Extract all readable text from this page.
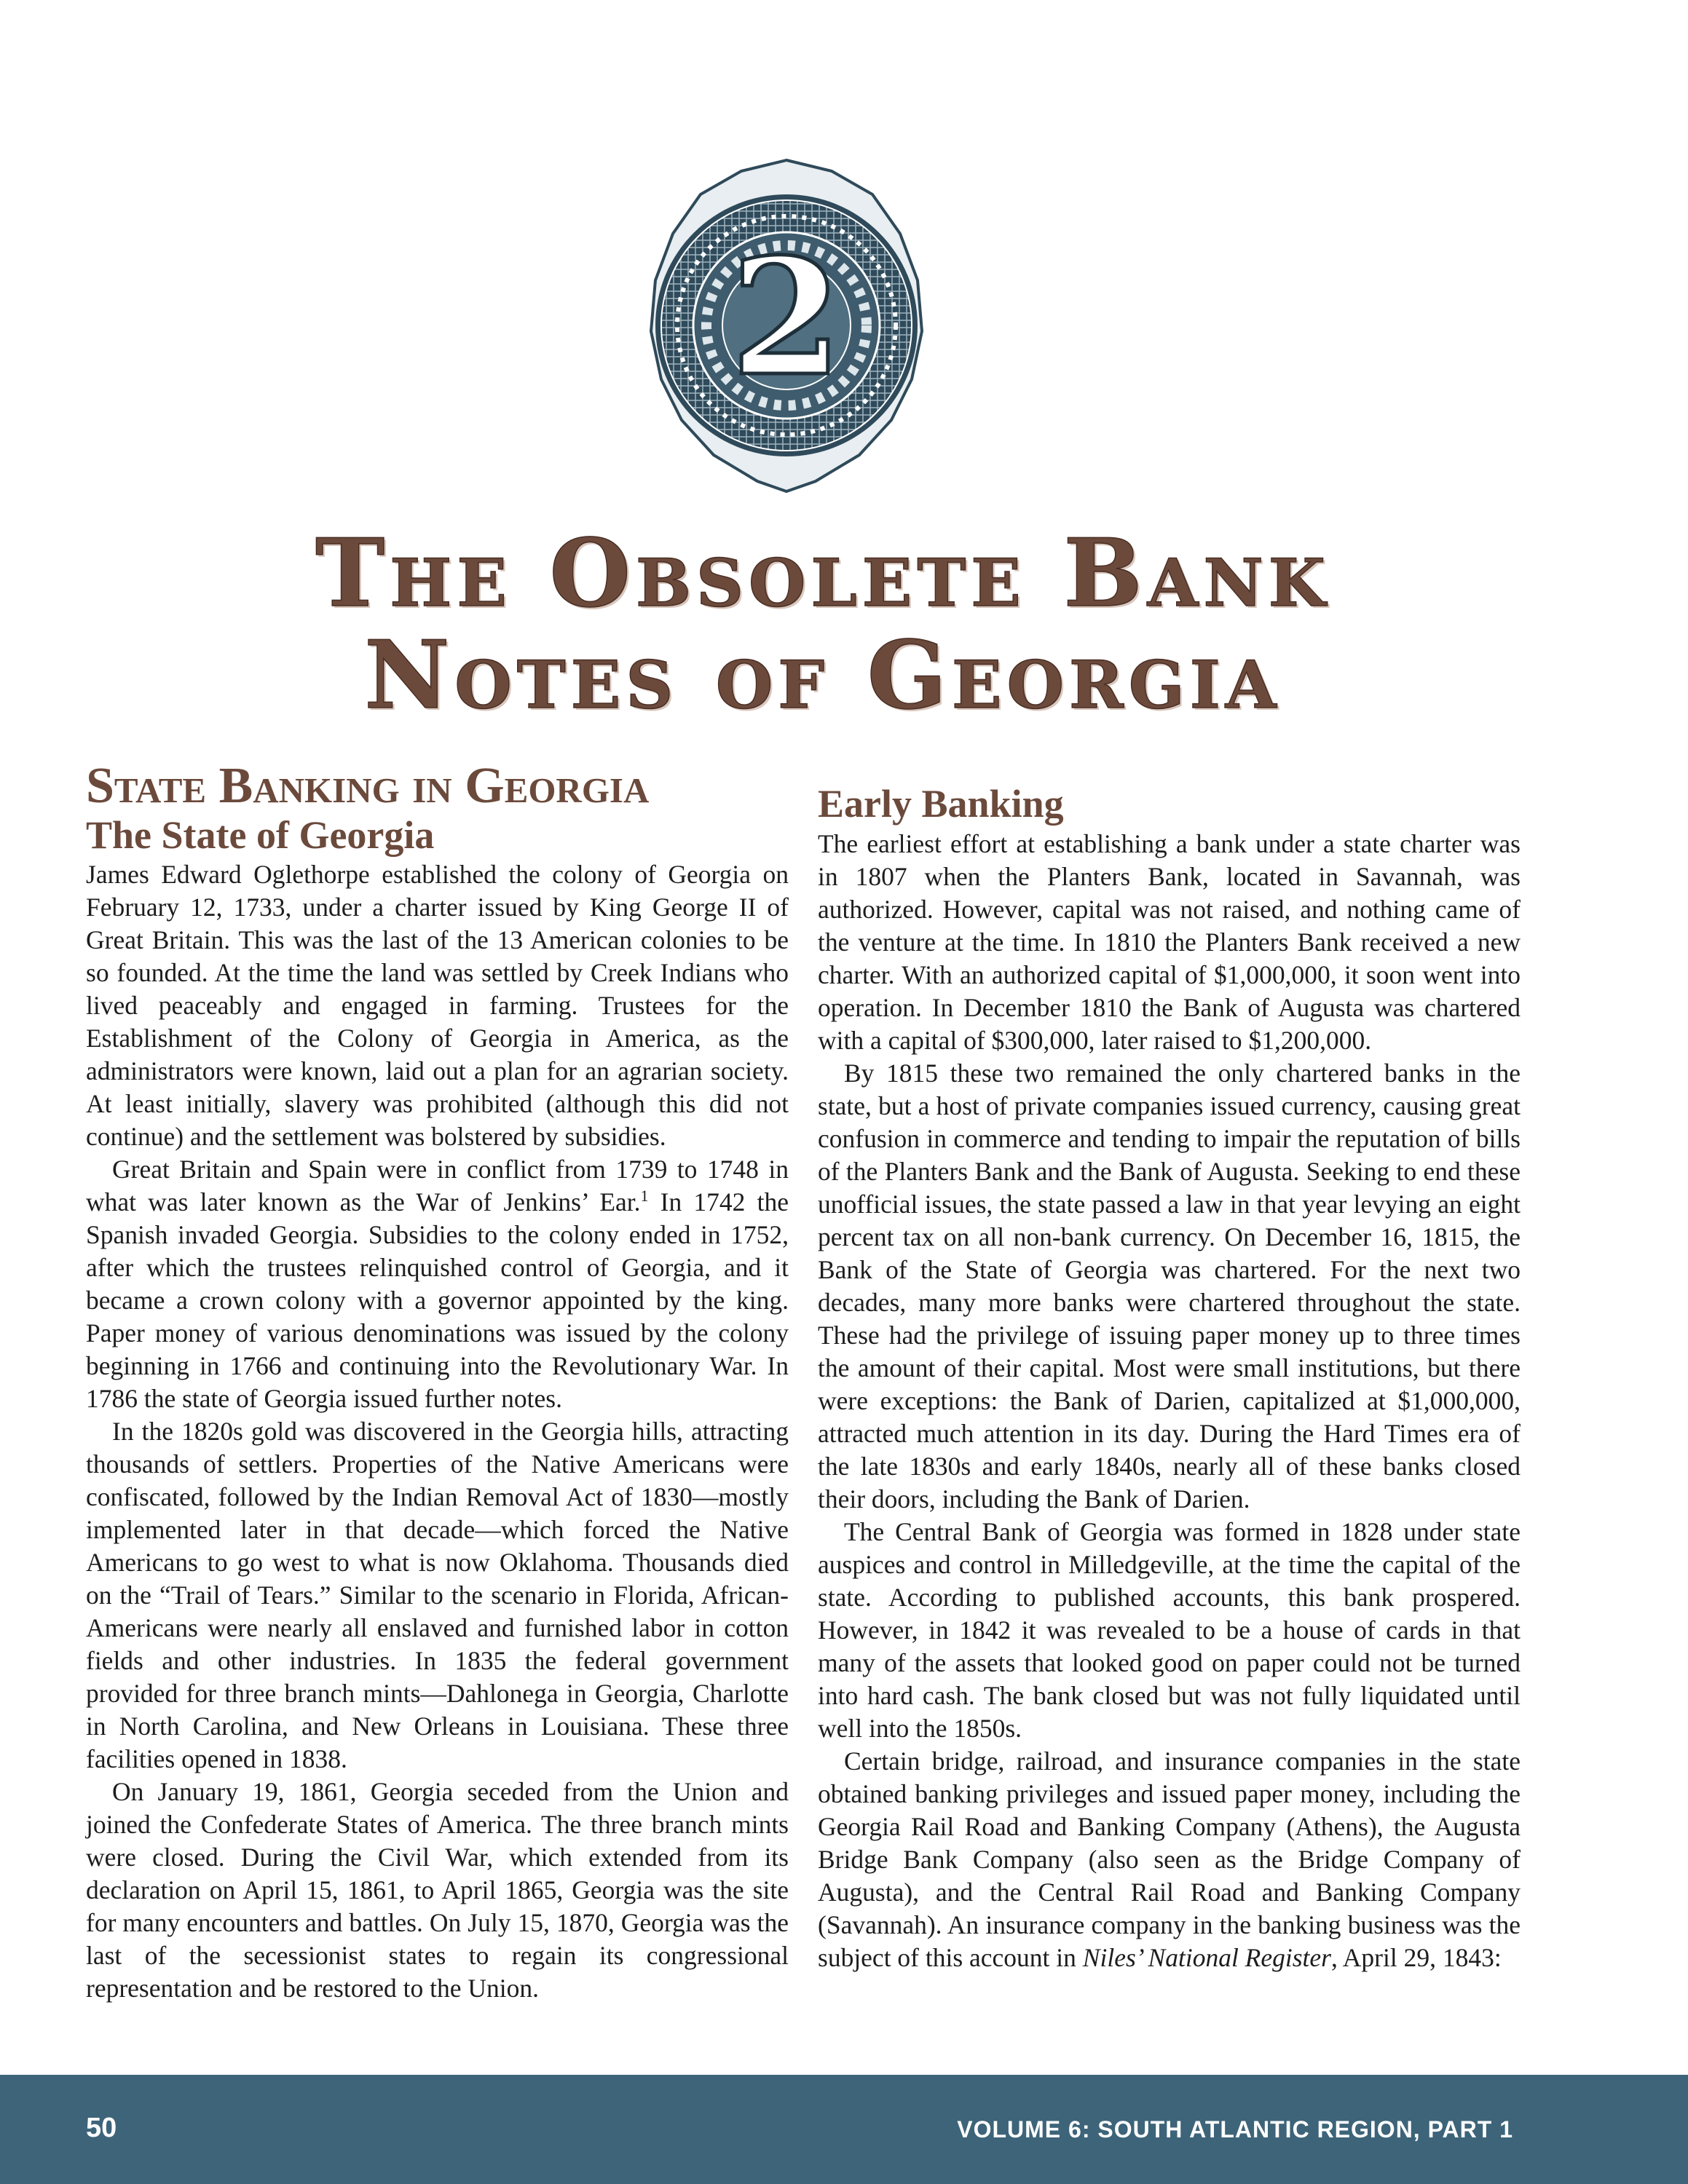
2
The Obsolete Bank
Notes of Georgia
State Banking in Georgia
The State of Georgia

James Edward Oglethorpe established the colony of Georgia on February 12, 1733, under a charter issued by King George II of Great Britain. This was the last of the 13 American colonies to be so founded. At the time the land was settled by Creek Indians who lived peaceably and engaged in farming. Trustees for the Establishment of the Colony of Georgia in America, as the administrators were known, laid out a plan for an agrarian society. At least initially, slavery was prohibited (although this did not continue) and the settlement was bolstered by subsidies.

Great Britain and Spain were in conflict from 1739 to 1748 in what was later known as the War of Jenkins’ Ear.$^1$ In 1742 the Spanish invaded Georgia. Subsidies to the colony ended in 1752, after which the trustees relinquished control of Georgia, and it became a crown colony with a governor appointed by the king. Paper money of various denominations was issued by the colony beginning in 1766 and continuing into the Revolutionary War. In 1786 the state of Georgia issued further notes.

In the 1820s gold was discovered in the Georgia hills, attracting thousands of settlers. Properties of the Native Americans were confiscated, followed by the Indian Removal Act of 1830—mostly implemented later in that decade—which forced the Native Americans to go west to what is now Oklahoma. Thousands died on the “Trail of Tears.” Similar to the scenario in Florida, African-Americans were nearly all enslaved and furnished labor in cotton fields and other industries. In 1835 the federal government provided for three branch mints—Dahlonega in Georgia, Charlotte in North Carolina, and New Orleans in Louisiana. These three facilities opened in 1838.

On January 19, 1861, Georgia seceded from the Union and joined the Confederate States of America. The three branch mints were closed. During the Civil War, which extended from its declaration on April 15, 1861, to April 1865, Georgia was the site for many encounters and battles. On July 15, 1870, Georgia was the last of the secessionist states to regain its congressional representation and be restored to the Union.

Early Banking

The earliest effort at establishing a bank under a state charter was in 1807 when the Planters Bank, located in Savannah, was authorized. However, capital was not raised, and nothing came of the venture at the time. In 1810 the Planters Bank received a new charter. With an authorized capital of $1,000,000, it soon went into operation. In December 1810 the Bank of Augusta was chartered with a capital of $300,000, later raised to $1,200,000.

By 1815 these two remained the only chartered banks in the state, but a host of private companies issued currency, causing great confusion in commerce and tending to impair the reputation of bills of the Planters Bank and the Bank of Augusta. Seeking to end these unofficial issues, the state passed a law in that year levying an eight percent tax on all non-bank currency. On December 16, 1815, the Bank of the State of Georgia was chartered. For the next two decades, many more banks were chartered throughout the state. These had the privilege of issuing paper money up to three times the amount of their capital. Most were small institutions, but there were exceptions: the Bank of Darien, capitalized at $1,000,000, attracted much attention in its day. During the Hard Times era of the late 1830s and early 1840s, nearly all of these banks closed their doors, including the Bank of Darien.

The Central Bank of Georgia was formed in 1828 under state auspices and control in Milledgeville, at the time the capital of the state. According to published accounts, this bank prospered. However, in 1842 it was revealed to be a house of cards in that many of the assets that looked good on paper could not be turned into hard cash. The bank closed but was not fully liquidated until well into the 1850s.

Certain bridge, railroad, and insurance companies in the state obtained banking privileges and issued paper money, including the Georgia Rail Road and Banking Company (Athens), the Augusta Bridge Bank Company (also seen as the Bridge Company of Augusta), and the Central Rail Road and Banking Company (Savannah). An insurance company in the banking business was the subject of this account in Niles’ National Register, April 29, 1843:

50	VOLUME 6: SOUTH ATLANTIC REGION, PART 1
